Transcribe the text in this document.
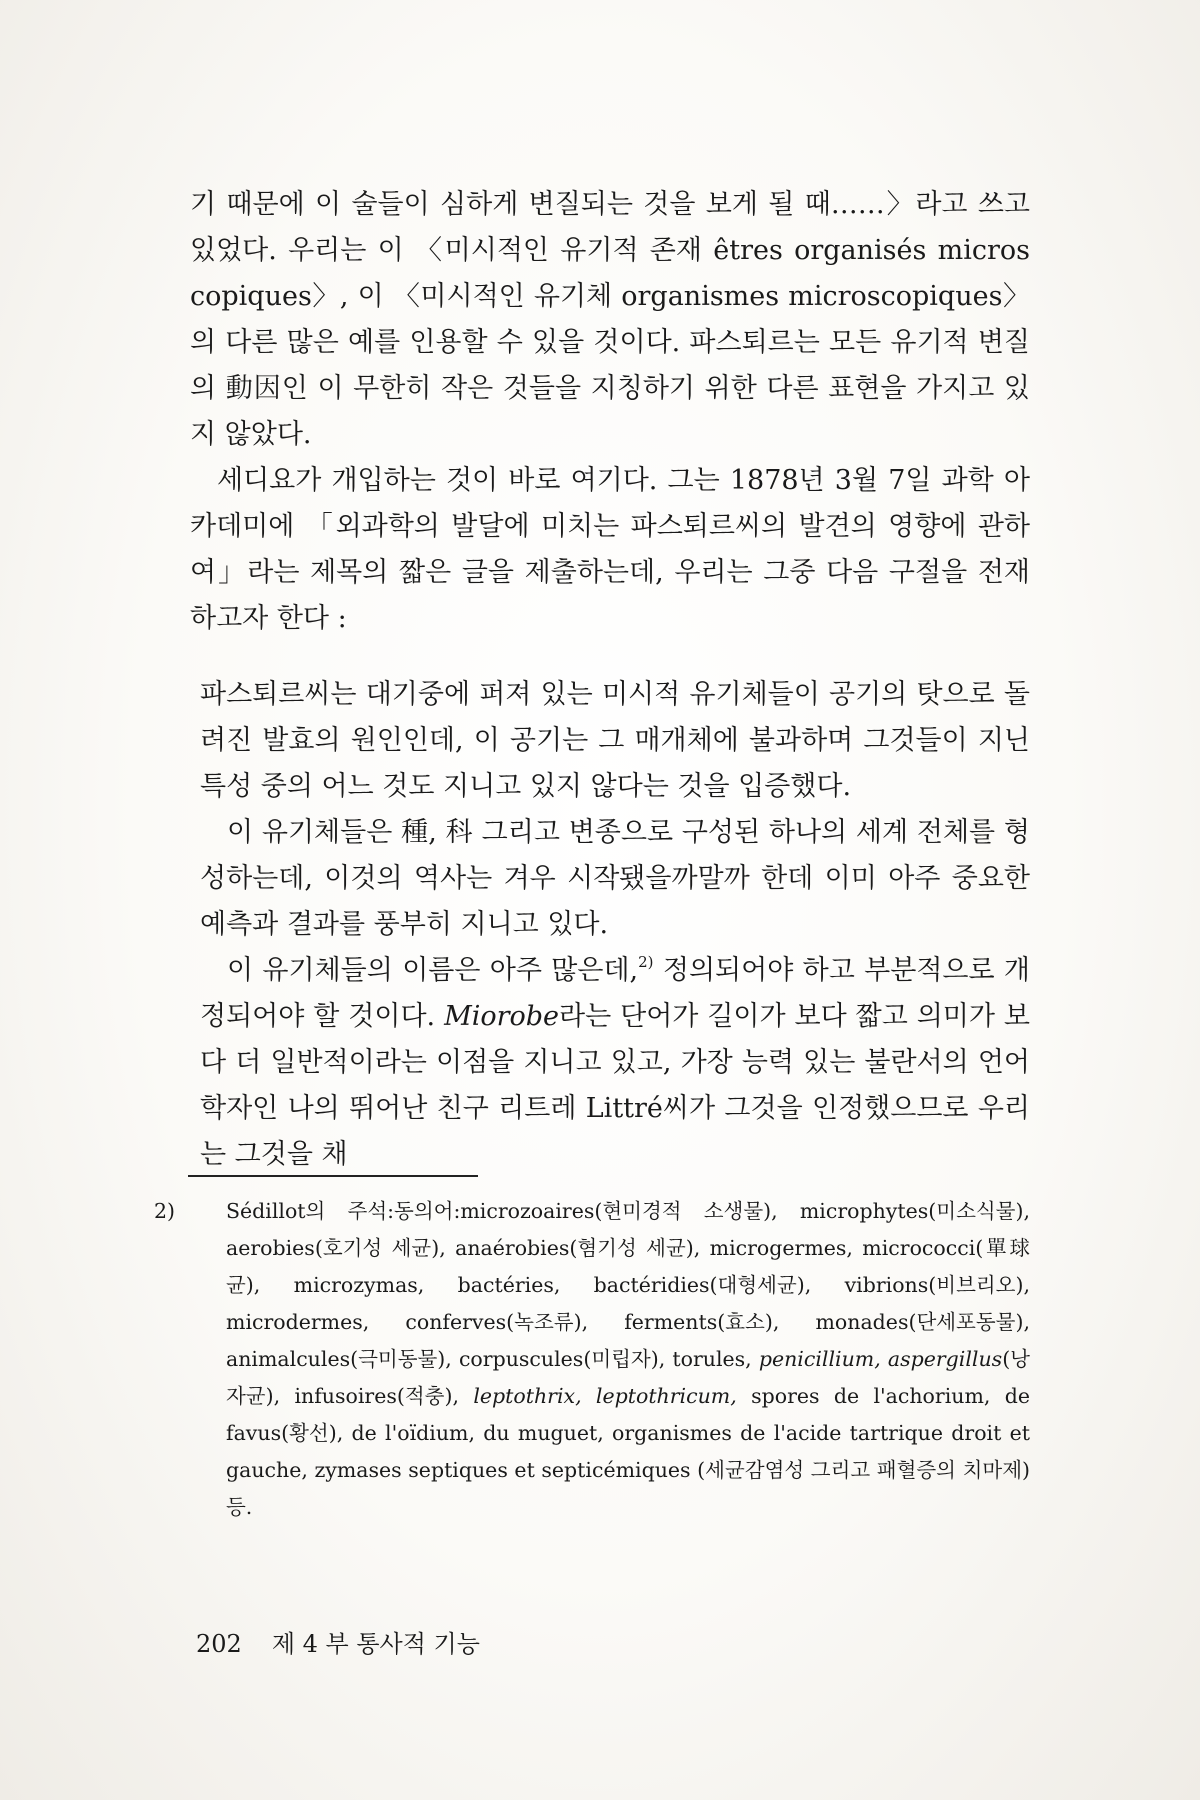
기 때문에 이 술들이 심하게 변질되는 것을 보게 될 때……〉라고 쓰고 있었다. 우리는 이 〈미시적인 유기적 존재 êtres organisés micros copiques〉, 이 〈미시적인 유기체 organismes microscopiques〉의 다른 많은 예를 인용할 수 있을 것이다. 파스퇴르는 모든 유기적 변질의 動因인 이 무한히 작은 것들을 지칭하기 위한 다른 표현을 가지고 있지 않았다.

세디요가 개입하는 것이 바로 여기다. 그는 1878년 3월 7일 과학 아카데미에 「외과학의 발달에 미치는 파스퇴르씨의 발견의 영향에 관하여」라는 제목의 짧은 글을 제출하는데, 우리는 그중 다음 구절을 전재하고자 한다 :

파스퇴르씨는 대기중에 퍼져 있는 미시적 유기체들이 공기의 탓으로 돌려진 발효의 원인인데, 이 공기는 그 매개체에 불과하며 그것들이 지닌 특성 중의 어느 것도 지니고 있지 않다는 것을 입증했다.

이 유기체들은 種, 科 그리고 변종으로 구성된 하나의 세계 전체를 형성하는데, 이것의 역사는 겨우 시작됐을까말까 한데 이미 아주 중요한 예측과 결과를 풍부히 지니고 있다.

이 유기체들의 이름은 아주 많은데,$^{2)}$ 정의되어야 하고 부분적으로 개정되어야 할 것이다. Miorobe라는 단어가 길이가 보다 짧고 의미가 보다 더 일반적이라는 이점을 지니고 있고, 가장 능력 있는 불란서의 언어학자인 나의 뛰어난 친구 리트레 Littré씨가 그것을 인정했으므로 우리는 그것을 채

2) Sédillot의 주석:동의어:microzoaires(현미경적 소생물), microphytes(미소식물), aerobies(호기성 세균), anaérobies(혐기성 세균), microgermes, micrococci(單球균), microzymas, bactéries, bactéridies(대형세균), vibrions(비브리오), microdermes, conferves(녹조류), ferments(효소), monades(단세포동물), animalcules(극미동물), corpuscules(미립자), torules, penicillium, aspergillus(낭자균), infusoires(적충), leptothrix, leptothricum, spores de l'achorium, de favus(황선), de l'oïdium, du muguet, organismes de l'acide tartrique droit et gauche, zymases septiques et septicémiques (세균감염성 그리고 패혈증의 치마제) 등.
202 제 4 부 통사적 기능
